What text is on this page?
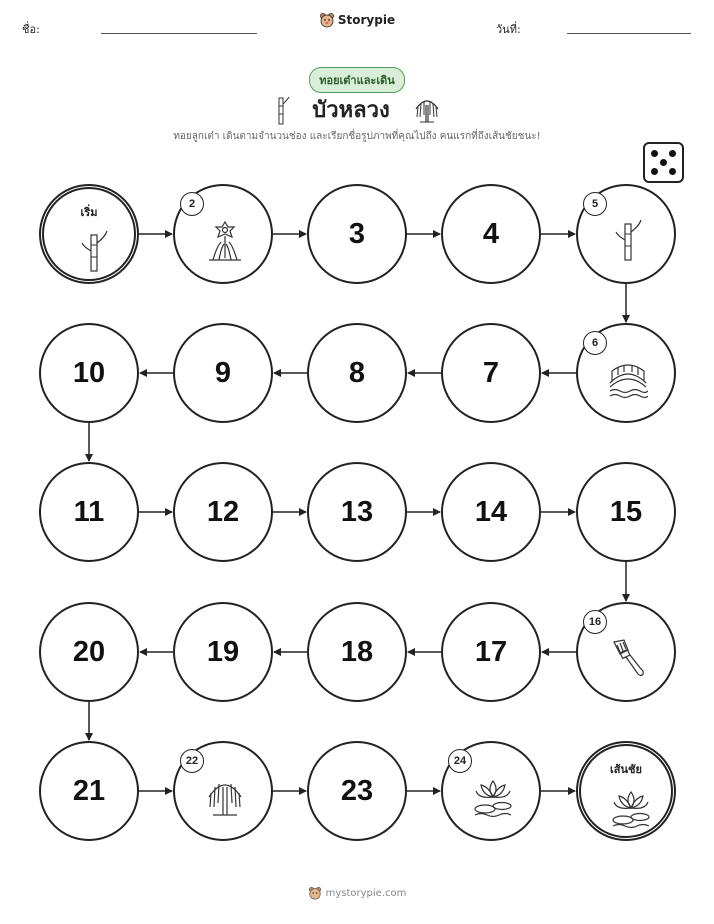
ชื่อ:	วันที่:
Storypie
ทอยเต๋าและเดิน
บัวหลวง
ทอยลูกเต๋า เดินตามจำนวนช่อง และเรียกชื่อรูปภาพที่คุณไปถึง คนแรกที่ถึงเส้นชัยชนะ!
เริ่ม
2
3	4
5
6
7
8
9
10
11	12	13	14	15
16
17
18
19
20
21
22
23
24
เส้นชัย
mystorypie.com
